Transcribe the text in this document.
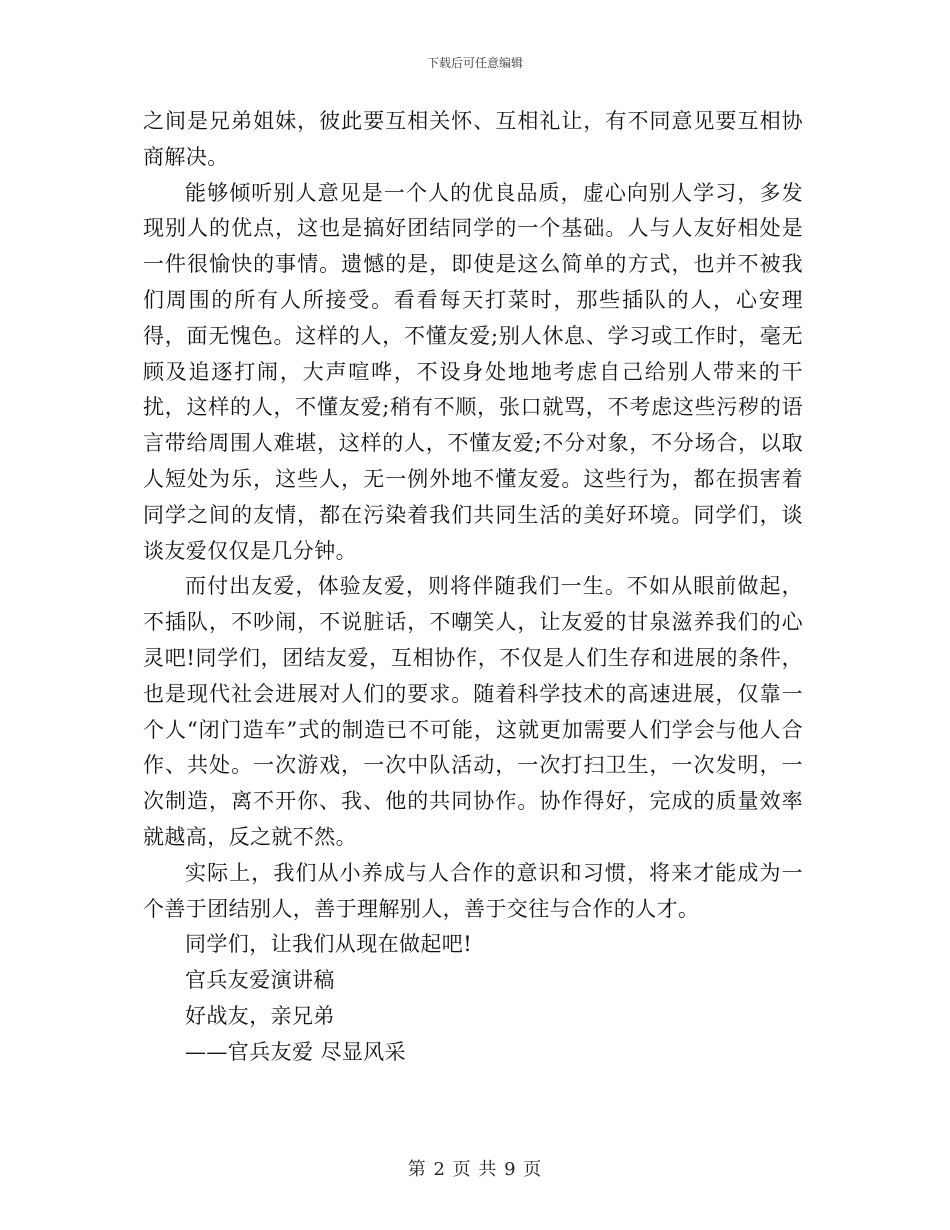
下载后可任意编辑

之间是兄弟姐妹，彼此要互相关怀、互相礼让，有不同意见要互相协商解决。

能够倾听别人意见是一个人的优良品质，虚心向别人学习，多发现别人的优点，这也是搞好团结同学的一个基础。人与人友好相处是一件很愉快的事情。遗憾的是，即使是这么简单的方式，也并不被我们周围的所有人所接受。看看每天打菜时，那些插队的人，心安理得，面无愧色。这样的人，不懂友爱;别人休息、学习或工作时，毫无顾及追逐打闹，大声喧哗，不设身处地地考虑自己给别人带来的干扰，这样的人，不懂友爱;稍有不顺，张口就骂，不考虑这些污秽的语言带给周围人难堪，这样的人，不懂友爱;不分对象，不分场合，以取人短处为乐，这些人，无一例外地不懂友爱。这些行为，都在损害着同学之间的友情，都在污染着我们共同生活的美好环境。同学们，谈谈友爱仅仅是几分钟。

而付出友爱，体验友爱，则将伴随我们一生。不如从眼前做起，不插队，不吵闹，不说脏话，不嘲笑人，让友爱的甘泉滋养我们的心灵吧!同学们，团结友爱，互相协作，不仅是人们生存和进展的条件，也是现代社会进展对人们的要求。随着科学技术的高速进展，仅靠一个人“闭门造车”式的制造已不可能，这就更加需要人们学会与他人合作、共处。一次游戏，一次中队活动，一次打扫卫生，一次发明，一次制造，离不开你、我、他的共同协作。协作得好，完成的质量效率就越高，反之就不然。

实际上，我们从小养成与人合作的意识和习惯，将来才能成为一个善于团结别人，善于理解别人，善于交往与合作的人才。

同学们，让我们从现在做起吧!

官兵友爱演讲稿

好战友，亲兄弟

——官兵友爱 尽显风采

第 2 页 共 9 页
